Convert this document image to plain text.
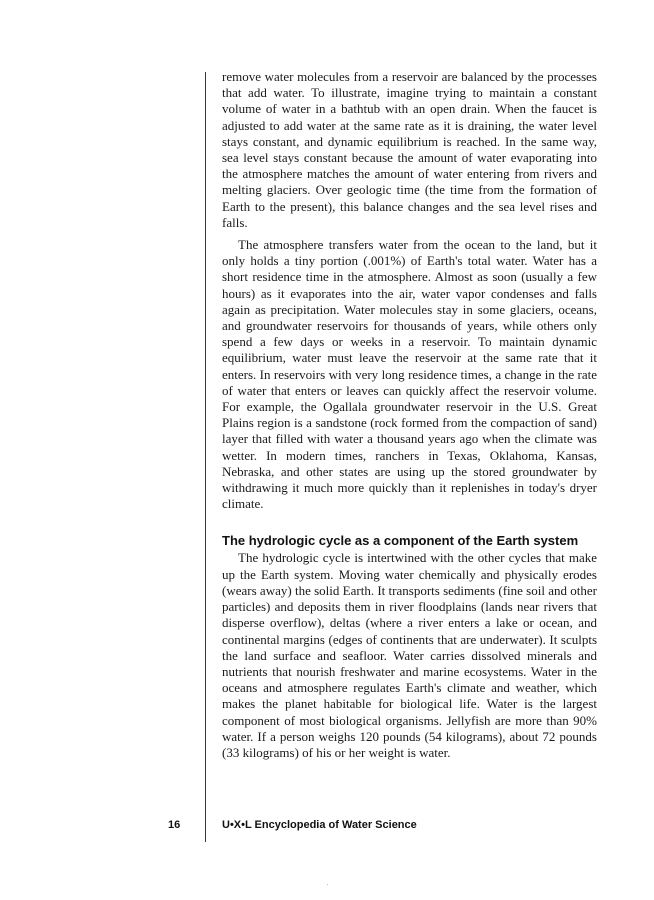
remove water molecules from a reservoir are balanced by the processes that add water. To illustrate, imagine trying to maintain a constant volume of water in a bathtub with an open drain. When the faucet is adjusted to add water at the same rate as it is draining, the water level stays constant, and dynamic equilibrium is reached. In the same way, sea level stays constant because the amount of water evaporating into the atmosphere matches the amount of water entering from rivers and melting glaciers. Over geologic time (the time from the formation of Earth to the present), this balance changes and the sea level rises and falls.

The atmosphere transfers water from the ocean to the land, but it only holds a tiny portion (.001%) of Earth's total water. Water has a short residence time in the atmosphere. Almost as soon (usually a few hours) as it evaporates into the air, water vapor condenses and falls again as precipitation. Water molecules stay in some glaciers, oceans, and groundwater reservoirs for thousands of years, while others only spend a few days or weeks in a reservoir. To maintain dynamic equilibrium, water must leave the reservoir at the same rate that it enters. In reservoirs with very long residence times, a change in the rate of water that enters or leaves can quickly affect the reservoir volume. For example, the Ogallala groundwater reservoir in the U.S. Great Plains region is a sandstone (rock formed from the compaction of sand) layer that filled with water a thousand years ago when the climate was wetter. In modern times, ranchers in Texas, Oklahoma, Kansas, Nebraska, and other states are using up the stored groundwater by withdrawing it much more quickly than it replenishes in today's dryer climate.

The hydrologic cycle as a component of the Earth system

The hydrologic cycle is intertwined with the other cycles that make up the Earth system. Moving water chemically and physically erodes (wears away) the solid Earth. It transports sediments (fine soil and other particles) and deposits them in river floodplains (lands near rivers that disperse overflow), deltas (where a river enters a lake or ocean, and continental margins (edges of continents that are underwater). It sculpts the land surface and seafloor. Water carries dissolved minerals and nutrients that nourish freshwater and marine ecosystems. Water in the oceans and atmosphere regulates Earth's climate and weather, which makes the planet habitable for biological life. Water is the largest component of most biological organisms. Jellyfish are more than 90% water. If a person weighs 120 pounds (54 kilograms), about 72 pounds (33 kilograms) of his or her weight is water.

16	U•X•L Encyclopedia of Water Science
